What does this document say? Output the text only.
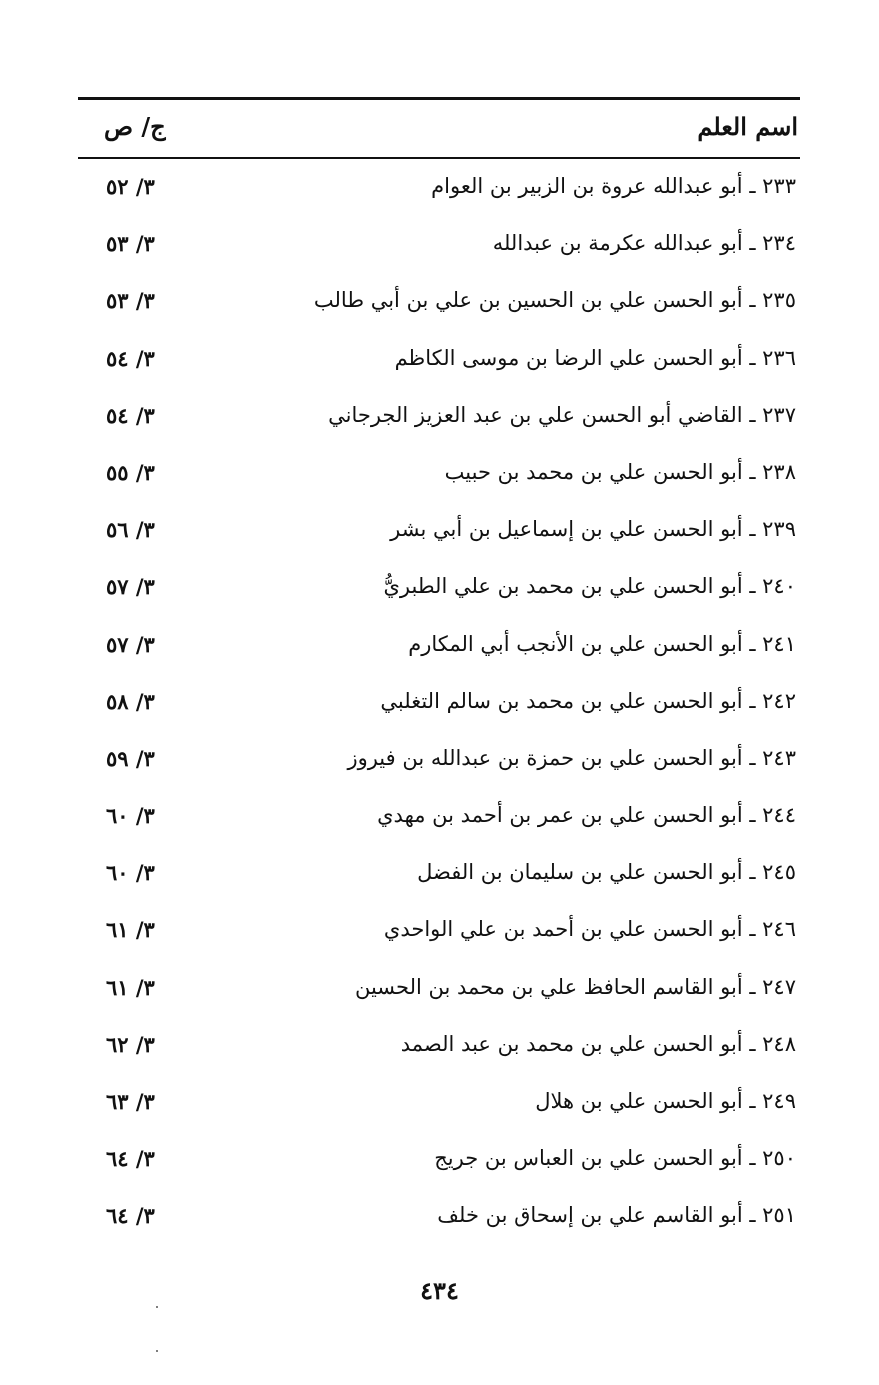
اسم العلم
ج/ ص
٢٣٣ ـ أبو عبدالله عروة بن الزبير بن العوام
٣/ ٥٢
٢٣٤ ـ أبو عبدالله عكرمة بن عبدالله
٣/ ٥٣
٢٣٥ ـ أبو الحسن علي بن الحسين بن علي بن أبي طالب
٣/ ٥٣
٢٣٦ ـ أبو الحسن علي الرضا بن موسى الكاظم
٣/ ٥٤
٢٣٧ ـ القاضي أبو الحسن علي بن عبد العزيز الجرجاني
٣/ ٥٤
٢٣٨ ـ أبو الحسن علي بن محمد بن حبيب
٣/ ٥٥
٢٣٩ ـ أبو الحسن علي بن إسماعيل بن أبي بشر
٣/ ٥٦
٢٤٠ ـ أبو الحسن علي بن محمد بن علي الطبريُّ
٣/ ٥٧
٢٤١ ـ أبو الحسن علي بن الأنجب أبي المكارم
٣/ ٥٧
٢٤٢ ـ أبو الحسن علي بن محمد بن سالم التغلبي
٣/ ٥٨
٢٤٣ ـ أبو الحسن علي بن حمزة بن عبدالله بن فيروز
٣/ ٥٩
٢٤٤ ـ أبو الحسن علي بن عمر بن أحمد بن مهدي
٣/ ٦٠
٢٤٥ ـ أبو الحسن علي بن سليمان بن الفضل
٣/ ٦٠
٢٤٦ ـ أبو الحسن علي بن أحمد بن علي الواحدي
٣/ ٦١
٢٤٧ ـ أبو القاسم الحافظ علي بن محمد بن الحسين
٣/ ٦١
٢٤٨ ـ أبو الحسن علي بن محمد بن عبد الصمد
٣/ ٦٢
٢٤٩ ـ أبو الحسن علي بن هلال
٣/ ٦٣
٢٥٠ ـ أبو الحسن علي بن العباس بن جريج
٣/ ٦٤
٢٥١ ـ أبو القاسم علي بن إسحاق بن خلف
٣/ ٦٤
٤٣٤
